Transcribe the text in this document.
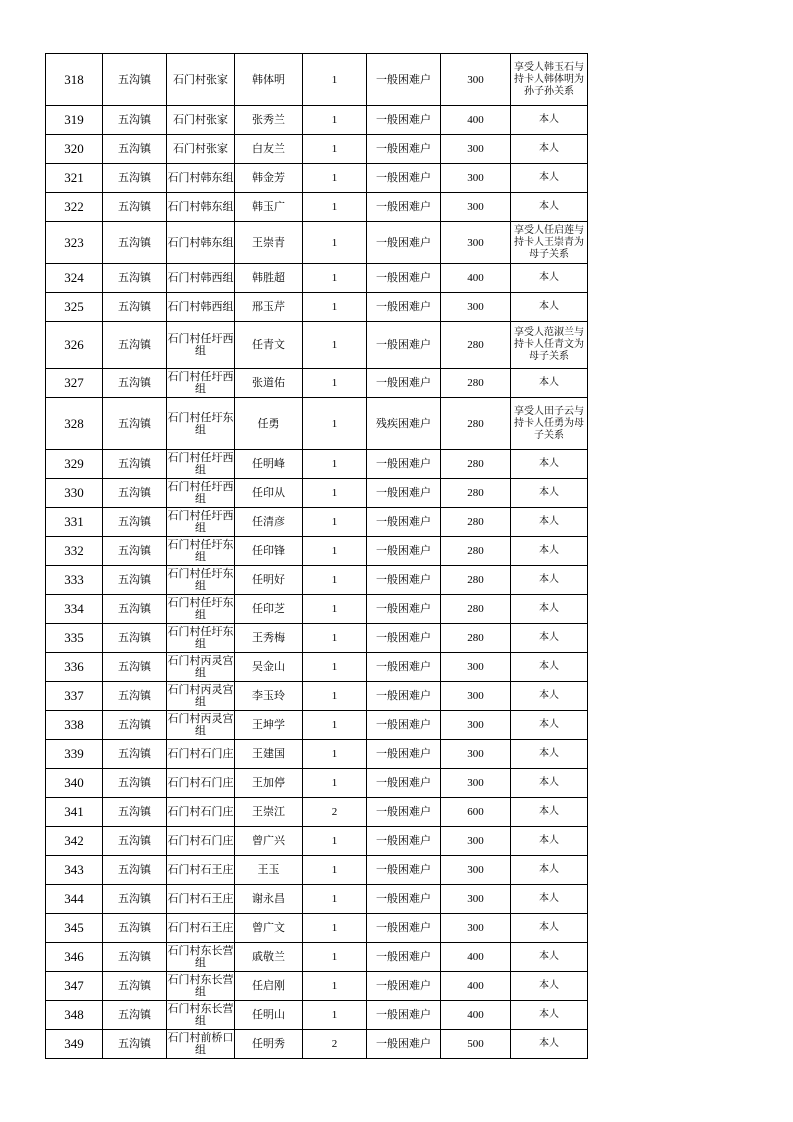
318	五沟镇	石门村张家	韩体明	1	一般困难户	300	享受人韩玉石与持卡人韩体明为孙子孙关系
319	五沟镇	石门村张家	张秀兰	1	一般困难户	400	本人
320	五沟镇	石门村张家	白友兰	1	一般困难户	300	本人
321	五沟镇	石门村韩东组	韩金芳	1	一般困难户	300	本人
322	五沟镇	石门村韩东组	韩玉广	1	一般困难户	300	本人
323	五沟镇	石门村韩东组	王崇青	1	一般困难户	300	享受人任启莲与持卡人王崇青为母子关系
324	五沟镇	石门村韩西组	韩胜超	1	一般困难户	400	本人
325	五沟镇	石门村韩西组	邢玉芹	1	一般困难户	300	本人
326	五沟镇	石门村任圩西组	任青文	1	一般困难户	280	享受人范淑兰与持卡人任青文为母子关系
327	五沟镇	石门村任圩西组	张道佑	1	一般困难户	280	本人
328	五沟镇	石门村任圩东组	任勇	1	残疾困难户	280	享受人田子云与持卡人任勇为母子关系
329	五沟镇	石门村任圩西组	任明峰	1	一般困难户	280	本人
330	五沟镇	石门村任圩西组	任印从	1	一般困难户	280	本人
331	五沟镇	石门村任圩西组	任清彦	1	一般困难户	280	本人
332	五沟镇	石门村任圩东组	任印锋	1	一般困难户	280	本人
333	五沟镇	石门村任圩东组	任明好	1	一般困难户	280	本人
334	五沟镇	石门村任圩东组	任印芝	1	一般困难户	280	本人
335	五沟镇	石门村任圩东组	王秀梅	1	一般困难户	280	本人
336	五沟镇	石门村丙灵宫组	吴金山	1	一般困难户	300	本人
337	五沟镇	石门村丙灵宫组	李玉玲	1	一般困难户	300	本人
338	五沟镇	石门村丙灵宫组	王坤学	1	一般困难户	300	本人
339	五沟镇	石门村石门庄	王建国	1	一般困难户	300	本人
340	五沟镇	石门村石门庄	王加停	1	一般困难户	300	本人
341	五沟镇	石门村石门庄	王崇江	2	一般困难户	600	本人
342	五沟镇	石门村石门庄	曾广兴	1	一般困难户	300	本人
343	五沟镇	石门村石王庄	王玉	1	一般困难户	300	本人
344	五沟镇	石门村石王庄	谢永昌	1	一般困难户	300	本人
345	五沟镇	石门村石王庄	曾广文	1	一般困难户	300	本人
346	五沟镇	石门村东长营组	戚敬兰	1	一般困难户	400	本人
347	五沟镇	石门村东长营组	任启刚	1	一般困难户	400	本人
348	五沟镇	石门村东长营组	任明山	1	一般困难户	400	本人
349	五沟镇	石门村前桥口组	任明秀	2	一般困难户	500	本人
